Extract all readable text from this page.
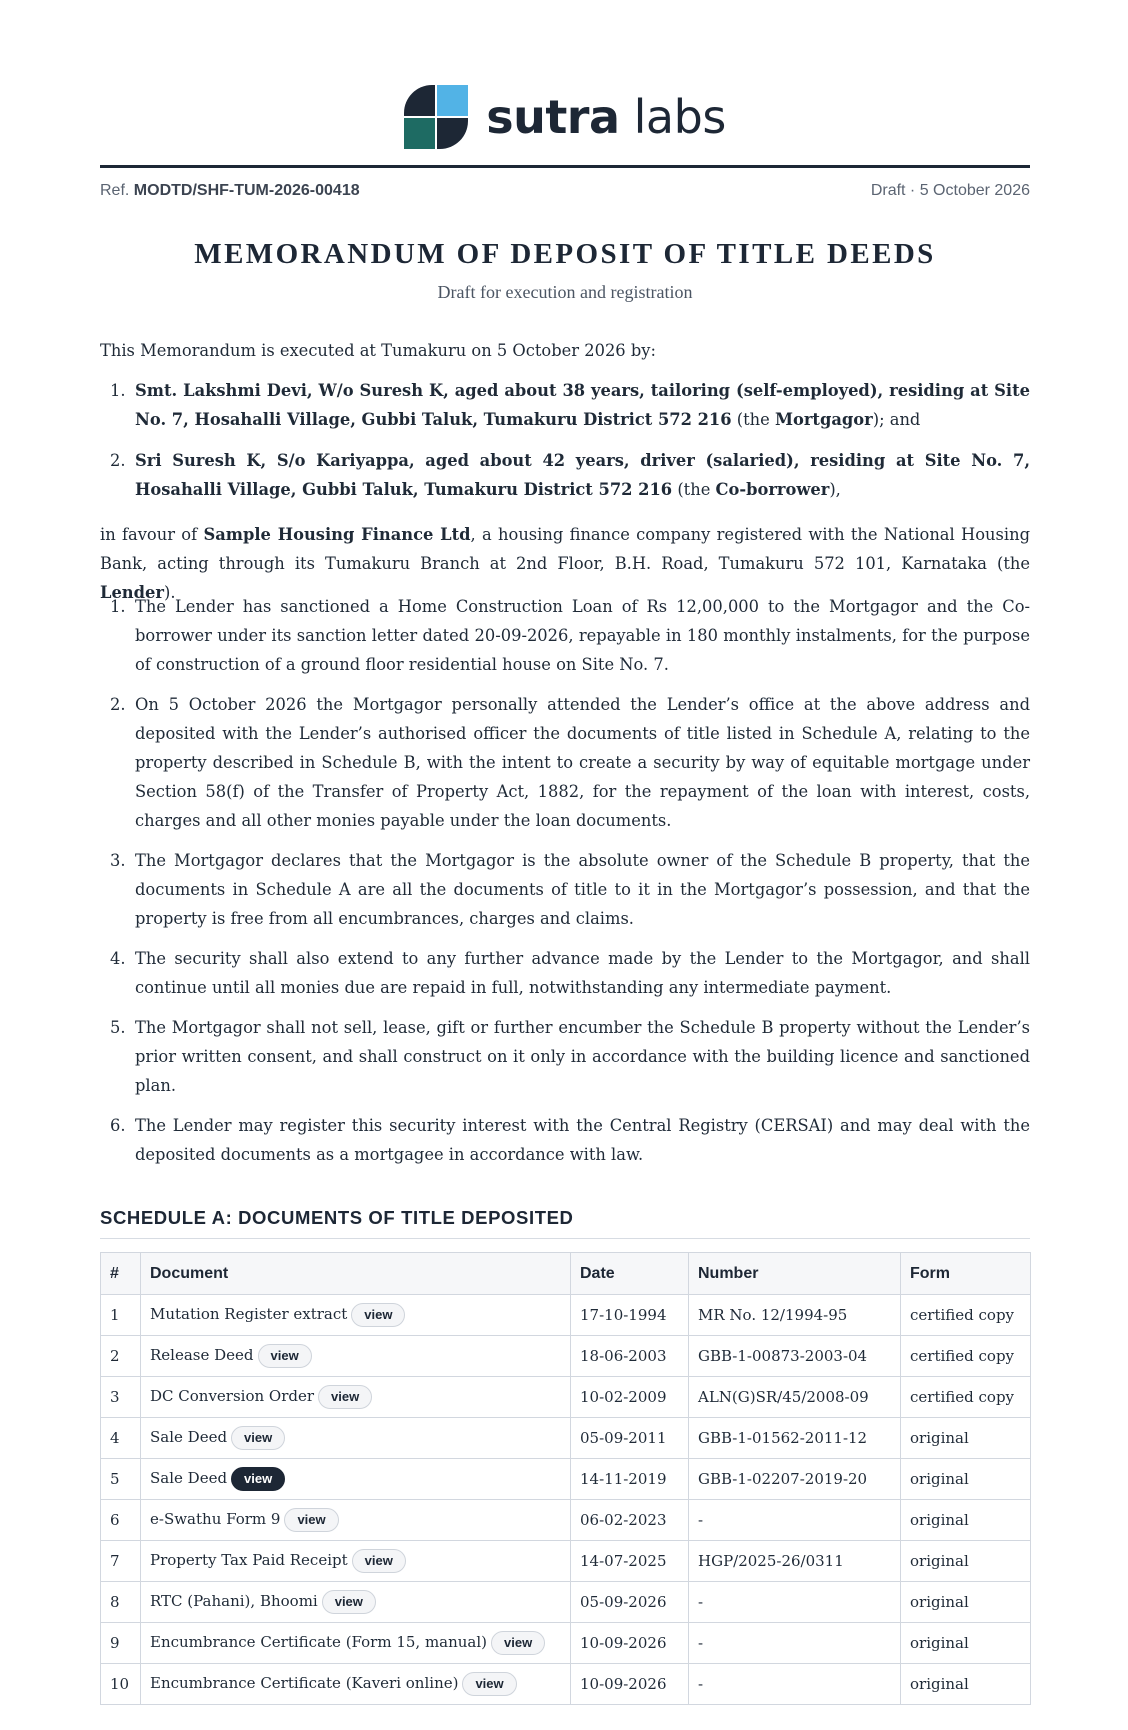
sutra labs
Ref. MODTD/SHF-TUM-2026-00418	Draft · 5 October 2026
MEMORANDUM OF DEPOSIT OF TITLE DEEDS
Draft for execution and registration
This Memorandum is executed at Tumakuru on 5 October 2026 by:
1. Smt. Lakshmi Devi, W/o Suresh K, aged about 38 years, tailoring (self-employed), residing at Site No. 7, Hosahalli Village, Gubbi Taluk, Tumakuru District 572 216 (the Mortgagor); and
2. Sri Suresh K, S/o Kariyappa, aged about 42 years, driver (salaried), residing at Site No. 7, Hosahalli Village, Gubbi Taluk, Tumakuru District 572 216 (the Co-borrower),
in favour of Sample Housing Finance Ltd, a housing finance company registered with the National Housing Bank, acting through its Tumakuru Branch at 2nd Floor, B.H. Road, Tumakuru 572 101, Karnataka (the Lender).
1. The Lender has sanctioned a Home Construction Loan of Rs 12,00,000 to the Mortgagor and the Co-borrower under its sanction letter dated 20-09-2026, repayable in 180 monthly instalments, for the purpose of construction of a ground floor residential house on Site No. 7.
2. On 5 October 2026 the Mortgagor personally attended the Lender’s office at the above address and deposited with the Lender’s authorised officer the documents of title listed in Schedule A, relating to the property described in Schedule B, with the intent to create a security by way of equitable mortgage under Section 58(f) of the Transfer of Property Act, 1882, for the repayment of the loan with interest, costs, charges and all other monies payable under the loan documents.
3. The Mortgagor declares that the Mortgagor is the absolute owner of the Schedule B property, that the documents in Schedule A are all the documents of title to it in the Mortgagor’s possession, and that the property is free from all encumbrances, charges and claims.
4. The security shall also extend to any further advance made by the Lender to the Mortgagor, and shall continue until all monies due are repaid in full, notwithstanding any intermediate payment.
5. The Mortgagor shall not sell, lease, gift or further encumber the Schedule B property without the Lender’s prior written consent, and shall construct on it only in accordance with the building licence and sanctioned plan.
6. The Lender may register this security interest with the Central Registry (CERSAI) and may deal with the deposited documents as a mortgagee in accordance with law.
SCHEDULE A: DOCUMENTS OF TITLE DEPOSITED
#	Document	Date	Number	Form
1	Mutation Register extract view	17-10-1994	MR No. 12/1994-95	certified copy
2	Release Deed view	18-06-2003	GBB-1-00873-2003-04	certified copy
3	DC Conversion Order view	10-02-2009	ALN(G)SR/45/2008-09	certified copy
4	Sale Deed view	05-09-2011	GBB-1-01562-2011-12	original
5	Sale Deed view	14-11-2019	GBB-1-02207-2019-20	original
6	e-Swathu Form 9 view	06-02-2023	-	original
7	Property Tax Paid Receipt view	14-07-2025	HGP/2025-26/0311	original
8	RTC (Pahani), Bhoomi view	05-09-2026	-	original
9	Encumbrance Certificate (Form 15, manual) view	10-09-2026	-	original
10	Encumbrance Certificate (Kaveri online) view	10-09-2026	-	original
